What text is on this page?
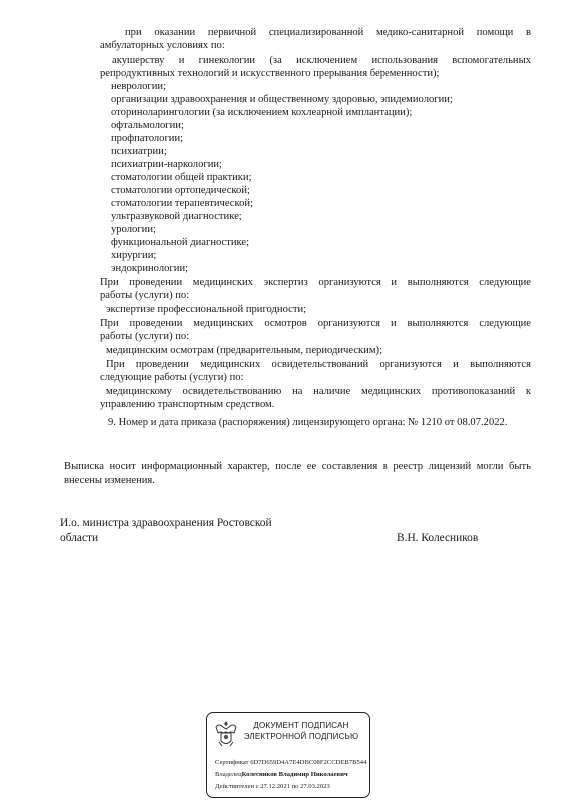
при оказании первичной специализированной медико-санитарной помощи в
амбулаторных условиях по:
акушерству и гинекологии (за исключением использования вспомогательных
репродуктивных технологий и искусственного прерывания беременности);
неврологии;
организации здравоохранения и общественному здоровью, эпидемиологии;
оториноларингологии (за исключением кохлеарной имплантации);
офтальмологии;
профпатологии;
психиатрии;
психиатрии-наркологии;
стоматологии общей практики;
стоматологии ортопедической;
стоматологии терапевтической;
ультразвуковой диагностике;
урологии;
функциональной диагностике;
хирургии;
эндокринологии;
При проведении медицинских экспертиз организуются и выполняются следующие
работы (услуги) по:
экспертизе профессиональной пригодности;
При проведении медицинских осмотров организуются и выполняются следующие
работы (услуги) по:
медицинским осмотрам (предварительным, периодическим);
При проведении медицинских освидетельствований организуются и выполняются
следующие работы (услуги) по:
медицинскому освидетельствованию на наличие медицинских противопоказаний к
управлению транспортным средством.
9. Номер и дата приказа (распоряжения) лицензирующего органа: № 1210 от 08.07.2022.
Выписка носит информационный характер, после ее составления в реестр лицензий могли быть
внесены изменения.
И.о. министра здравоохранения Ростовской
области	В.Н. Колесников
ДОКУМЕНТ ПОДПИСАН
ЭЛЕКТРОННОЙ ПОДПИСЬЮ
Сертификат 6D7D659D4A7E4DBC08F2CCDEB7B544
ВладелецКолесников Владимир Николаевич
Действителен с 27.12.2021 по 27.03.2023
